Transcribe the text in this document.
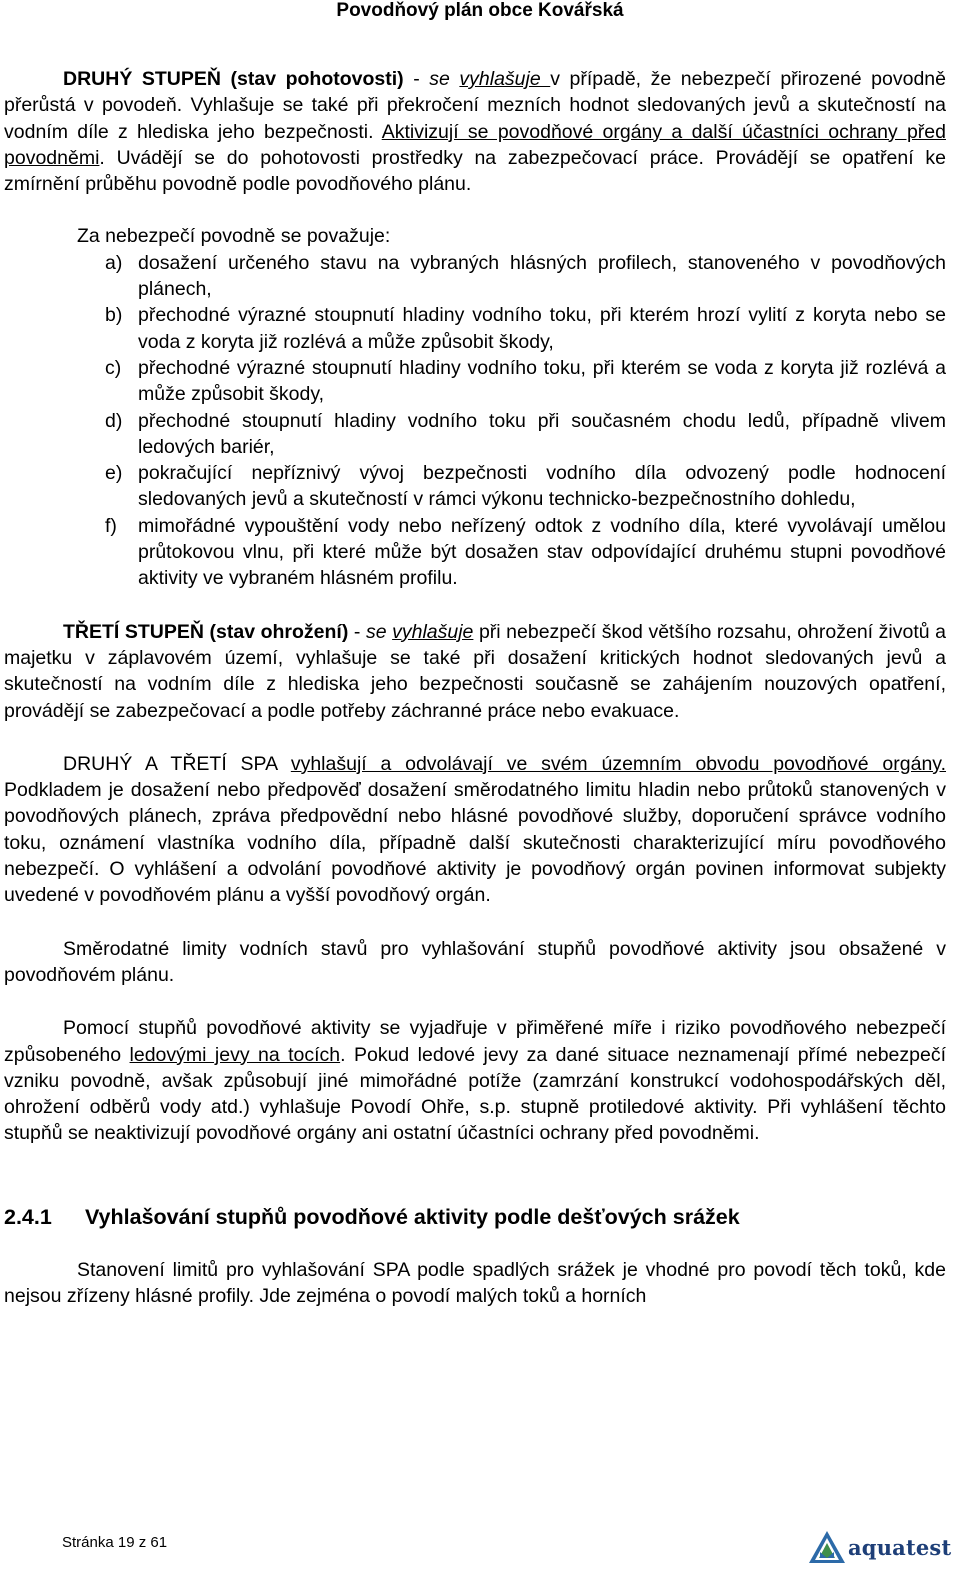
Povodňový plán obce Kovářská

DRUHÝ STUPEŇ (stav pohotovosti) - se vyhlašuje v případě, že nebezpečí přirozené povodně přerůstá v povodeň. Vyhlašuje se také při překročení mezních hodnot sledovaných jevů a skutečností na vodním díle z hlediska jeho bezpečnosti. Aktivizují se povodňové orgány a další účastníci ochrany před povodněmi. Uvádějí se do pohotovosti prostředky na zabezpečovací práce. Provádějí se opatření ke zmírnění průběhu povodně podle povodňového plánu.

Za nebezpečí povodně se považuje:
a) dosažení určeného stavu na vybraných hlásných profilech, stanoveného v povodňových plánech,
b) přechodné výrazné stoupnutí hladiny vodního toku, při kterém hrozí vylití z koryta nebo se voda z koryta již rozlévá a může způsobit škody,
c) přechodné výrazné stoupnutí hladiny vodního toku, při kterém se voda z koryta již rozlévá a může způsobit škody,
d) přechodné stoupnutí hladiny vodního toku při současném chodu ledů, případně vlivem ledových bariér,
e) pokračující nepříznivý vývoj bezpečnosti vodního díla odvozený podle hodnocení sledovaných jevů a skutečností v rámci výkonu technicko-bezpečnostního dohledu,
f) mimořádné vypouštění vody nebo neřízený odtok z vodního díla, které vyvolávají umělou průtokovou vlnu, při které může být dosažen stav odpovídající druhému stupni povodňové aktivity ve vybraném hlásném profilu.

TŘETÍ STUPEŇ (stav ohrožení) - se vyhlašuje při nebezpečí škod většího rozsahu, ohrožení životů a majetku v záplavovém území, vyhlašuje se také při dosažení kritických hodnot sledovaných jevů a skutečností na vodním díle z hlediska jeho bezpečnosti současně se zahájením nouzových opatření, provádějí se zabezpečovací a podle potřeby záchranné práce nebo evakuace.

DRUHÝ A TŘETÍ SPA vyhlašují a odvolávají ve svém územním obvodu povodňové orgány. Podkladem je dosažení nebo předpověď dosažení směrodatného limitu hladin nebo průtoků stanovených v povodňových plánech, zpráva předpovědní nebo hlásné povodňové služby, doporučení správce vodního toku, oznámení vlastníka vodního díla, případně další skutečnosti charakterizující míru povodňového nebezpečí. O vyhlášení a odvolání povodňové aktivity je povodňový orgán povinen informovat subjekty uvedené v povodňovém plánu a vyšší povodňový orgán.

Směrodatné limity vodních stavů pro vyhlašování stupňů povodňové aktivity jsou obsažené v povodňovém plánu.

Pomocí stupňů povodňové aktivity se vyjadřuje v přiměřené míře i riziko povodňového nebezpečí způsobeného ledovými jevy na tocích. Pokud ledové jevy za dané situace neznamenají přímé nebezpečí vzniku povodně, avšak způsobují jiné mimořádné potíže (zamrzání konstrukcí vodohospodářských děl, ohrožení odběrů vody atd.) vyhlašuje Povodí Ohře, s.p. stupně protiledové aktivity. Při vyhlášení těchto stupňů se neaktivizují povodňové orgány ani ostatní účastníci ochrany před povodněmi.

2.4.1	Vyhlašování stupňů povodňové aktivity podle dešťových srážek

Stanovení limitů pro vyhlašování SPA podle spadlých srážek je vhodné pro povodí těch toků, kde nejsou zřízeny hlásné profily. Jde zejména o povodí malých toků a horních

Stránka 19 z 61	aquatest
